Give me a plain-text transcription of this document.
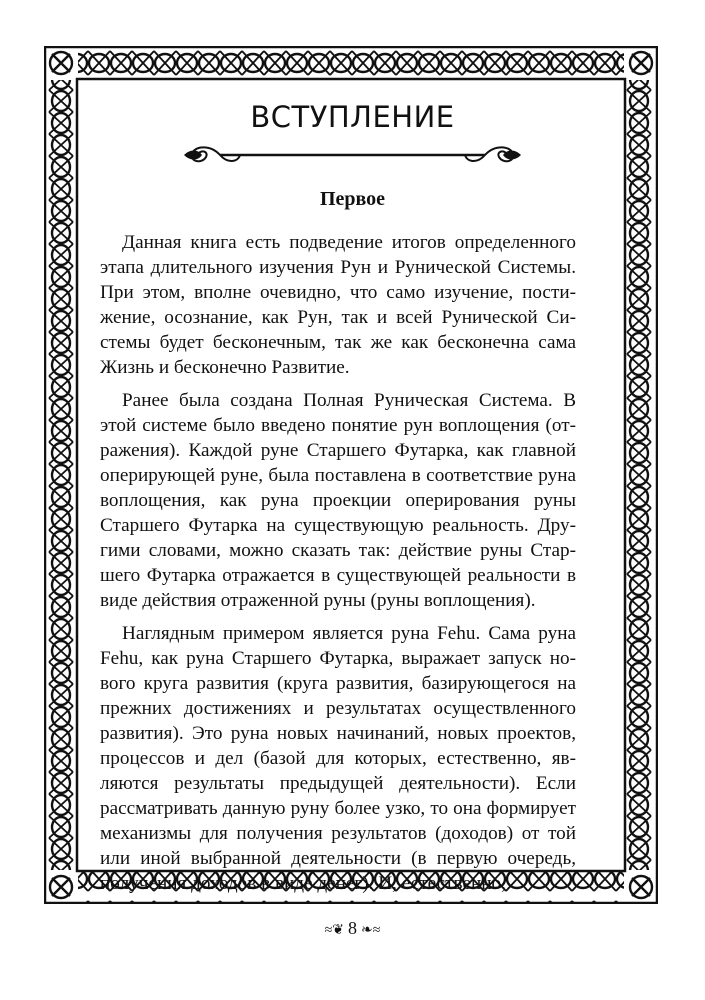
ВСТУПЛЕНИЕ
Первое

Данная книга есть подведение итогов определенного этапа длительного изучения Рун и Рунической Системы. При этом, вполне очевидно, что само изучение, постижение, осознание, как Рун, так и всей Рунической Системы будет бесконечным, так же как бесконечна сама Жизнь и бесконечно Развитие.

Ранее была создана Полная Руническая Система. В этой системе было введено понятие рун воплощения (отражения). Каждой руне Старшего Футарка, как главной оперирующей руне, была поставлена в соответствие руна воплощения, как руна проекции оперирования руны Старшего Футарка на существующую реальность. Другими словами, можно сказать так: действие руны Старшего Футарка отражается в существующей реальности в виде действия отраженной руны (руны воплощения).

Наглядным примером является руна Fehu. Сама руна Fehu, как руна Старшего Футарка, выражает запуск нового круга развития (круга развития, базирующегося на прежних достижениях и результатах осуществленного развития). Это руна новых начинаний, новых проектов, процессов и дел (базой для которых, естественно, являются результаты предыдущей деятельности). Если рассматривать данную руну более узко, то она формирует механизмы для получения результатов (доходов) от той или иной выбранной деятельности (в первую очередь, получения доходов в виде денег). И, естественно,

≈❦ 8 ❧≈
